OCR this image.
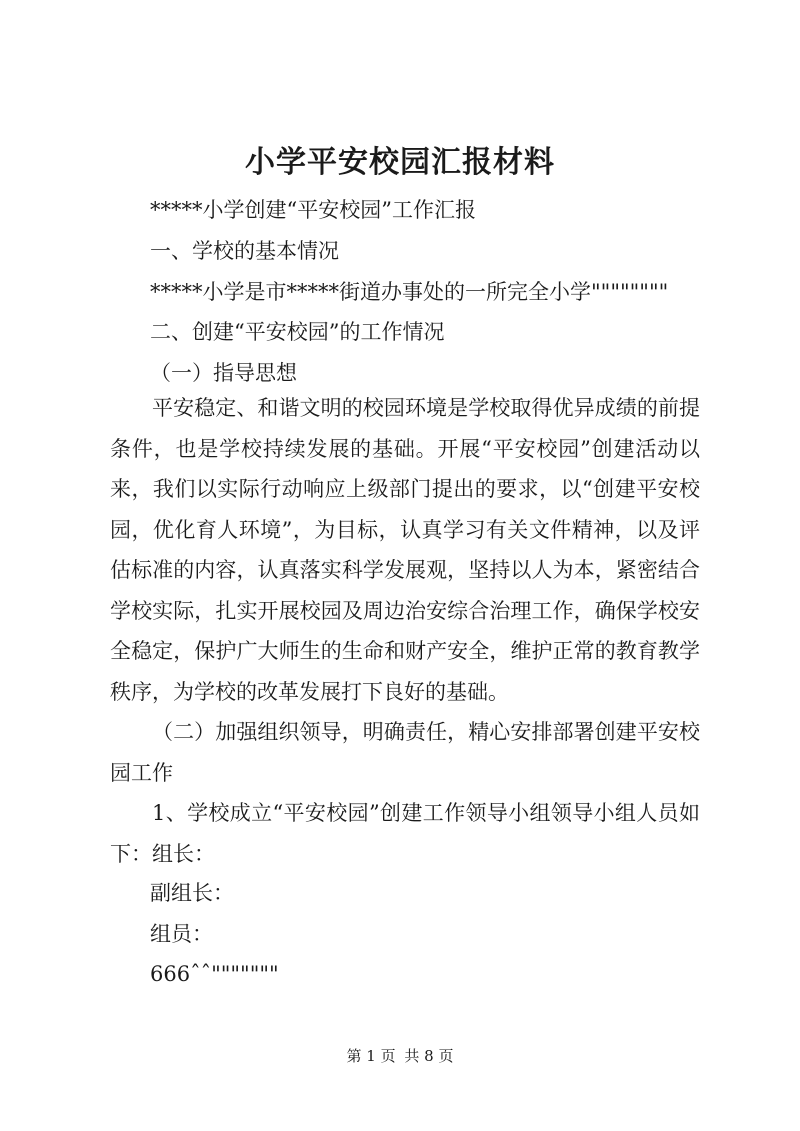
小学平安校园汇报材料
*****小学创建“平安校园”工作汇报
一、学校的基本情况
*****小学是市*****街道办事处的一所完全小学""""""""
二、创建“平安校园”的工作情况
（一）指导思想
平安稳定、和谐文明的校园环境是学校取得优异成绩的前提条件，也是学校持续发展的基础。开展“平安校园”创建活动以来，我们以实际行动响应上级部门提出的要求，以“创建平安校园，优化育人环境”，为目标，认真学习有关文件精神，以及评估标准的内容，认真落实科学发展观，坚持以人为本，紧密结合学校实际，扎实开展校园及周边治安综合治理工作，确保学校安全稳定，保护广大师生的生命和财产安全，维护正常的教育教学秩序，为学校的改革发展打下良好的基础。
（二）加强组织领导，明确责任，精心安排部署创建平安校园工作
1、学校成立“平安校园”创建工作领导小组领导小组人员如下：组长：
副组长：
组员：
666ˆˆ"""""""
第 1 页 共 8 页
